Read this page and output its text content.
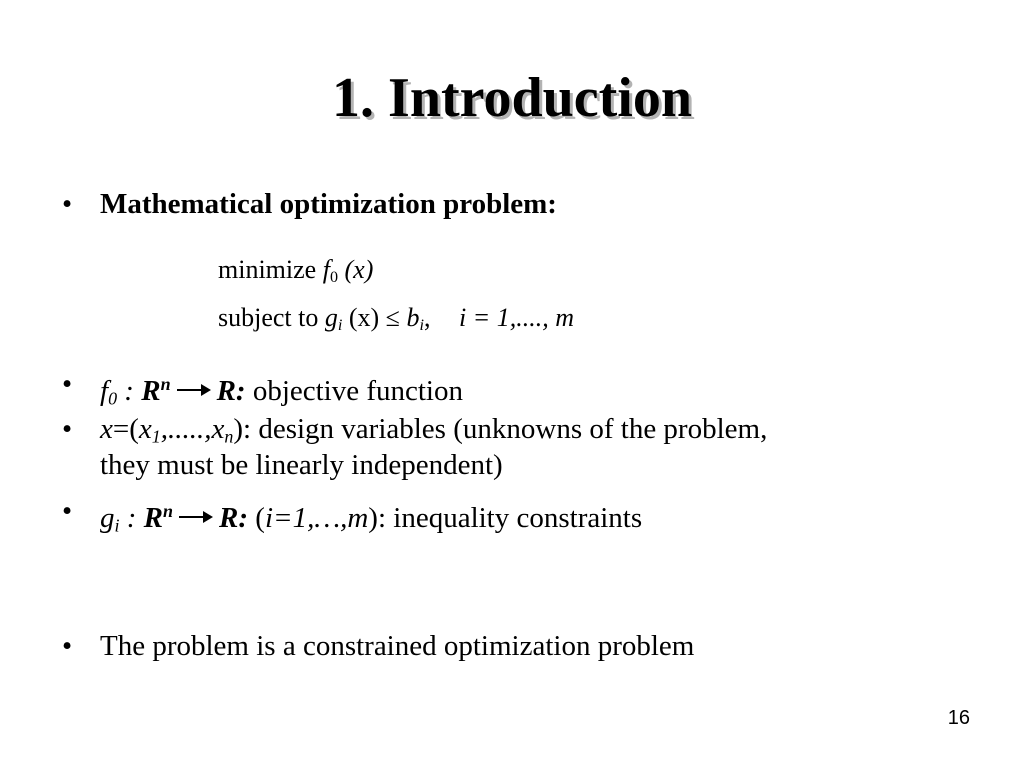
1. Introduction
• Mathematical optimization problem:
minimize $f_0$ (x)
subject to $g_i$ $(x) \le b_i$, i = 1,...., m
• $f_0$ : $R^n$ R: objective function
• $x=(x_1,.....,x_n)$: design variables (unknowns of the problem,
they must be linearly independent)
• $g_i$ : $R^n$ R: (i=1,…,m): inequality constraints
• The problem is a constrained optimization problem
16
